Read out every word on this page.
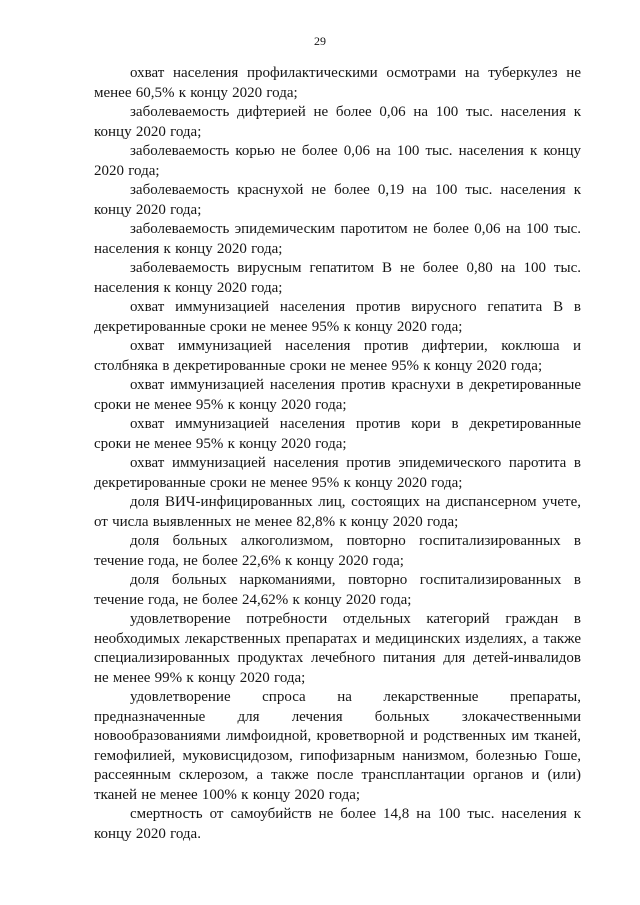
29

охват населения профилактическими осмотрами на туберкулез не менее 60,5% к концу 2020 года;

заболеваемость дифтерией не более 0,06 на 100 тыс. населения к концу 2020 года;

заболеваемость корью не более 0,06 на 100 тыс. населения к концу 2020 года;

заболеваемость краснухой не более 0,19 на 100 тыс. населения к концу 2020 года;

заболеваемость эпидемическим паротитом не более 0,06 на 100 тыс. населения к концу 2020 года;

заболеваемость вирусным гепатитом В не более 0,80 на 100 тыс. населения к концу 2020 года;

охват иммунизацией населения против вирусного гепатита В в декретированные сроки не менее 95% к концу 2020 года;

охват иммунизацией населения против дифтерии, коклюша и столбняка в декретированные сроки не менее 95% к концу 2020 года;

охват иммунизацией населения против краснухи в декретированные сроки не менее 95% к концу 2020 года;

охват иммунизацией населения против кори в декретированные сроки не менее 95% к концу 2020 года;

охват иммунизацией населения против эпидемического паротита в декретированные сроки не менее 95% к концу 2020 года;

доля ВИЧ-инфицированных лиц, состоящих на диспансерном учете, от числа выявленных не менее 82,8% к концу 2020 года;

доля больных алкоголизмом, повторно госпитализированных в течение года, не более 22,6% к концу 2020 года;

доля больных наркоманиями, повторно госпитализированных в течение года, не более 24,62% к концу 2020 года;

удовлетворение потребности отдельных категорий граждан в необходимых лекарственных препаратах и медицинских изделиях, а также специализированных продуктах лечебного питания для детей-инвалидов не менее 99% к концу 2020 года;

удовлетворение спроса на лекарственные препараты, предназначенные для лечения больных злокачественными новообразованиями лимфоидной, кроветворной и родственных им тканей, гемофилией, муковисцидозом, гипофизарным нанизмом, болезнью Гоше, рассеянным склерозом, а также после трансплантации органов и (или) тканей не менее 100% к концу 2020 года;

смертность от самоубийств не более 14,8 на 100 тыс. населения к концу 2020 года.
